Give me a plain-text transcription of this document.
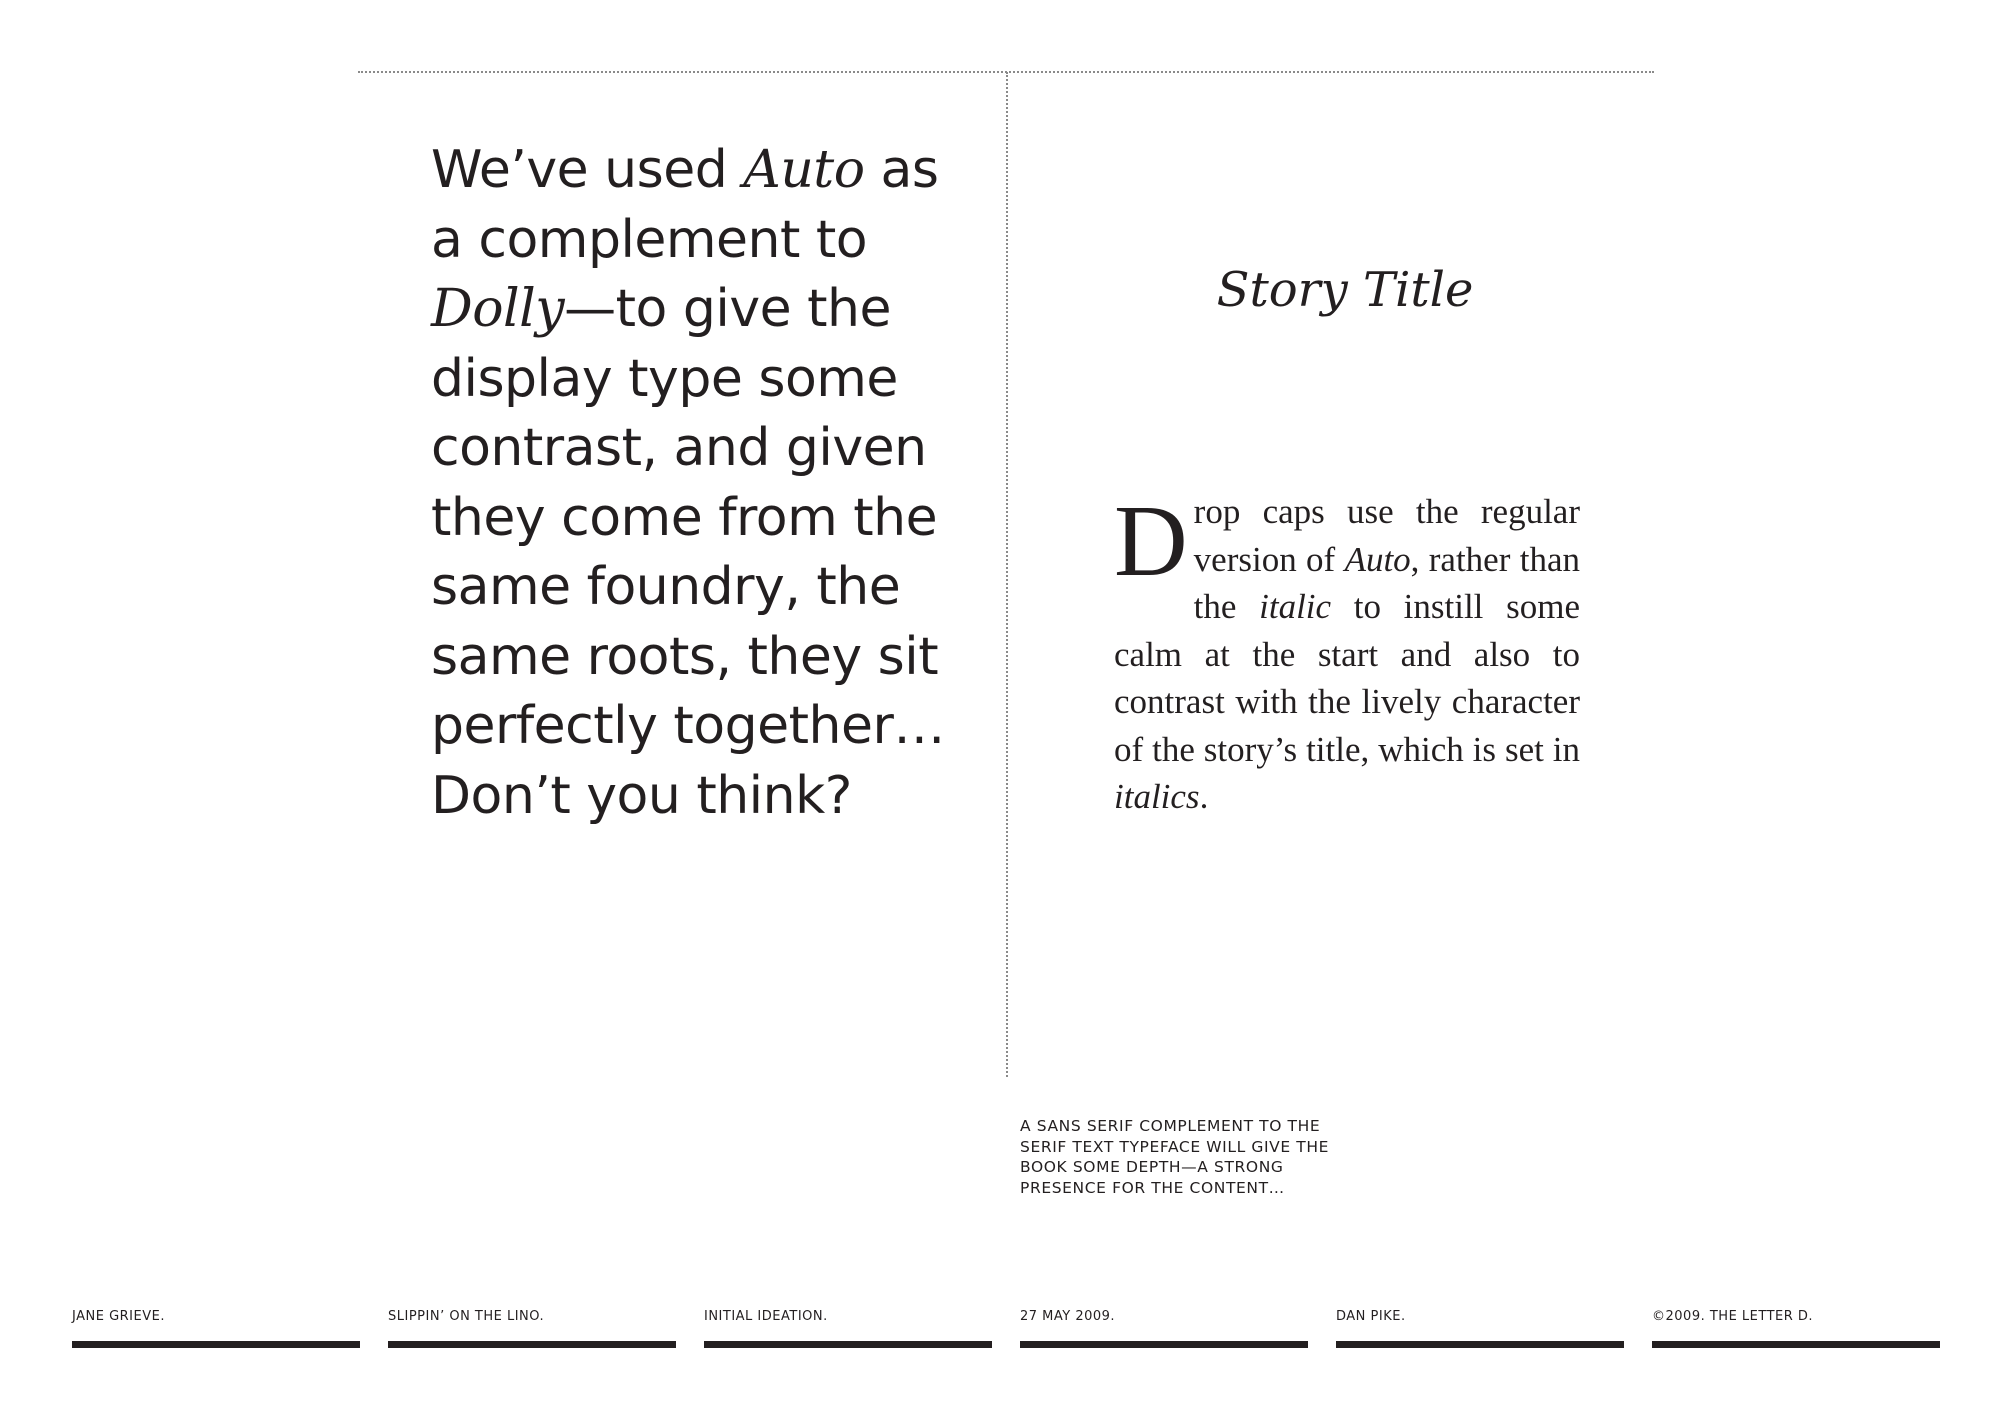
We’ve used Auto as
a complement to
Dolly—to give the
display type some
contrast, and given
they come from the
same foundry, the
same roots, they sit
perfectly together…
Don’t you think?
Story Title
Drop caps use the regular version of Auto, rather than the italic to instill some calm at the start and also to contrast with the lively character of the story’s title, which is set in italics.
A SANS SERIF COMPLEMENT TO THE
SERIF TEXT TYPEFACE WILL GIVE THE
BOOK SOME DEPTH—A STRONG
PRESENCE FOR THE CONTENT…
JANE GRIEVE.	SLIPPIN’ ON THE LINO.	INITIAL IDEATION.	27 MAY 2009.	DAN PIKE.	©2009. THE LETTER D.
